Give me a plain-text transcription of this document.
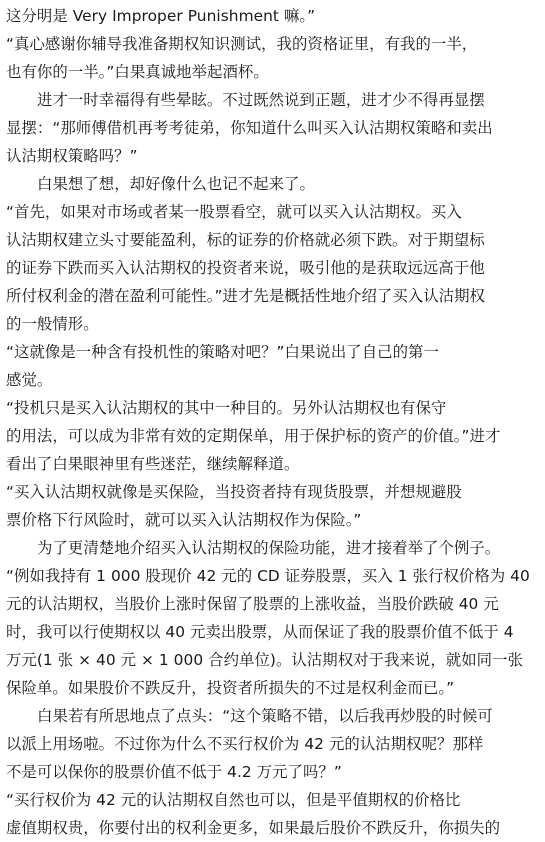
这分明是 Very Improper Punishment 嘛。”
“真心感谢你辅导我准备期权知识测试，我的资格证里，有我的一半，
也有你的一半。”白果真诚地举起酒杯。
进才一时幸福得有些晕眩。不过既然说到正题，进才少不得再显摆
显摆：“那师傅借机再考考徒弟，你知道什么叫买入认沽期权策略和卖出
认沽期权策略吗？”
白果想了想，却好像什么也记不起来了。
“首先，如果对市场或者某一股票看空，就可以买入认沽期权。买入
认沽期权建立头寸要能盈利，标的证券的价格就必须下跌。对于期望标
的证券下跌而买入认沽期权的投资者来说，吸引他的是获取远远高于他
所付权利金的潜在盈利可能性。”进才先是概括性地介绍了买入认沽期权
的一般情形。
“这就像是一种含有投机性的策略对吧？”白果说出了自己的第一
感觉。
“投机只是买入认沽期权的其中一种目的。另外认沽期权也有保守
的用法，可以成为非常有效的定期保单，用于保护标的资产的价值。”进才
看出了白果眼神里有些迷茫，继续解释道。
“买入认沽期权就像是买保险，当投资者持有现货股票，并想规避股
票价格下行风险时，就可以买入认沽期权作为保险。”
为了更清楚地介绍买入认沽期权的保险功能，进才接着举了个例子。
“例如我持有 1 000 股现价 42 元的 CD 证券股票，买入 1 张行权价格为 40
元的认沽期权，当股价上涨时保留了股票的上涨收益，当股价跌破 40 元
时，我可以行使期权以 40 元卖出股票，从而保证了我的股票价值不低于 4
万元(1 张 × 40 元 × 1 000 合约单位)。认沽期权对于我来说，就如同一张
保险单。如果股价不跌反升，投资者所损失的不过是权利金而已。”
白果若有所思地点了点头：“这个策略不错，以后我再炒股的时候可
以派上用场啦。不过你为什么不买行权价为 42 元的认沽期权呢？那样
不是可以保你的股票价值不低于 4.2 万元了吗？”
“买行权价为 42 元的认沽期权自然也可以，但是平值期权的价格比
虚值期权贵，你要付出的权利金更多，如果最后股价不跌反升，你损失的
